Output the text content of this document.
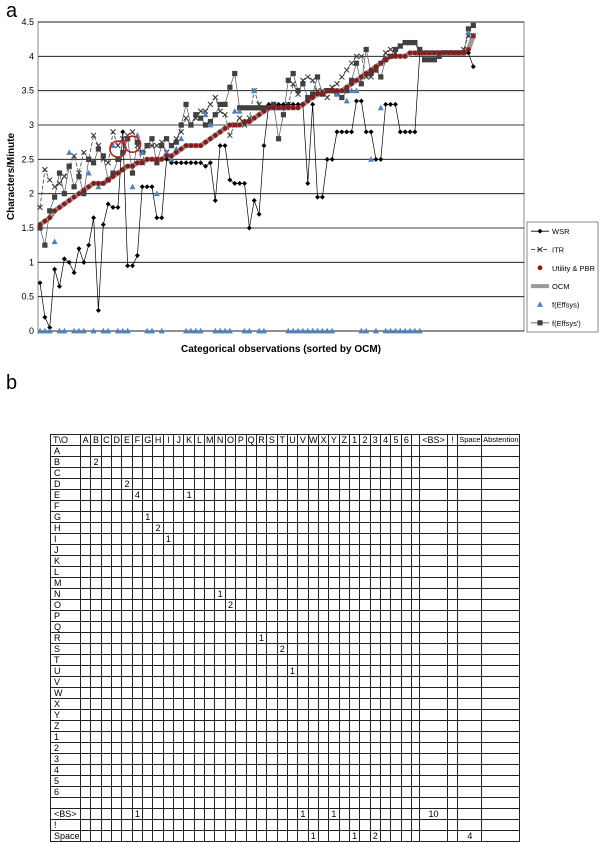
a
b
0
0.5
1
1.5
2
2.5
3
3.5
4
4.5
Characters/Minute
Categorical observations (sorted by OCM)
WSR
ITR
Utility & PBR
OCM
f(Effsys)
f(Effsys')
T\O	A	B	C	D	E	F	G	H	I	J	K	L	M	N	O	P	Q	R	S	T	U	V	W	X	Y	Z	1	2	3	4	5	6		<BS>	!	Space	Abstention
A																																					
B		2																																			
C																																					
D					2																																
E						4					1																										
F																																					
G							1																														
H								2																													
I									1																												
J																																					
K																																					
L																																					
M																																					
N														1																							
O															2																						
P																																					
Q																																					
R																		1																			
S																				2																	
T																																					
U																					1																
V																																					
W																																					
X																																					
Y																																					
Z																																					
1																																					
2																																					
3																																					
4																																					
5																																					
6																																					

<BS>						1																1			1									10			
!																																					
Space																							1				1		2							4	
